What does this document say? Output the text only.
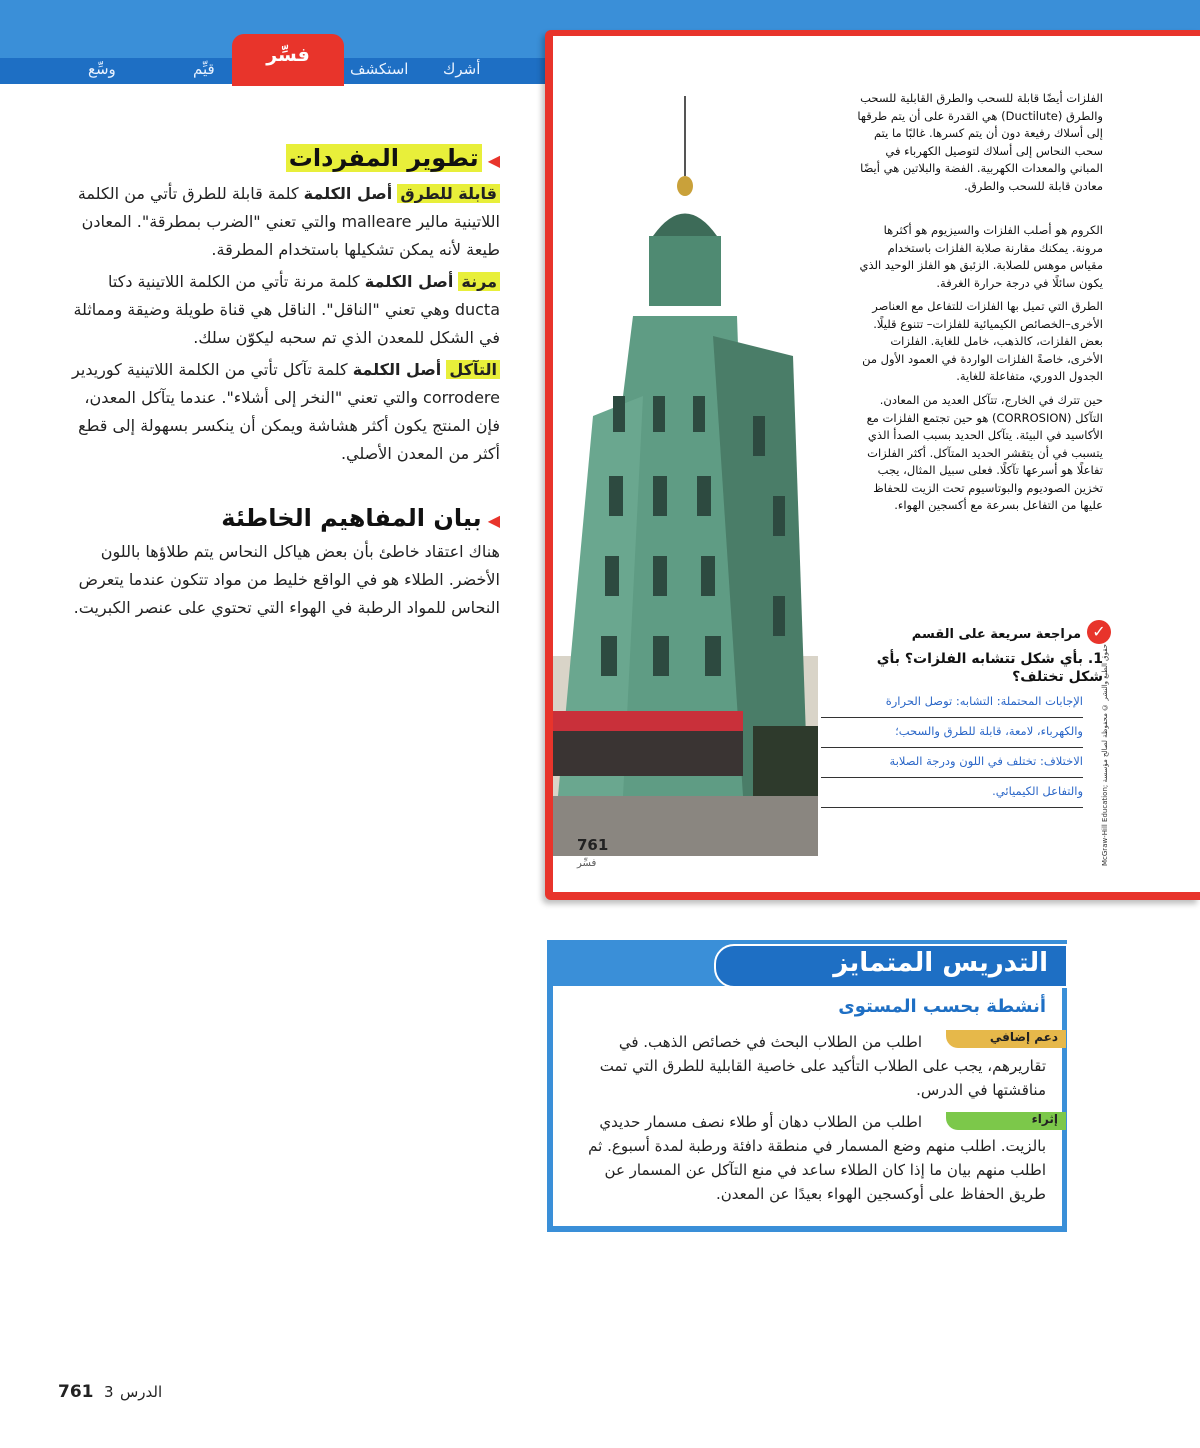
أشرك
استكشف
قيِّم
وسِّع
فسِّر
الفلزات أيضًا قابلة للسحب والطرق القابلية للسحب والطرق (Ductilute) هي القدرة على أن يتم طرقها إلى أسلاك رفيعة دون أن يتم كسرها. غالبًا ما يتم سحب النحاس إلى أسلاك لتوصيل الكهرباء في المباني والمعدات الكهربية. الفضة والبلاتين هي أيضًا معادن قابلة للسحب والطرق.
الكروم هو أصلب الفلزات والسيزيوم هو أكثرها مرونة. يمكنك مقارنة صلابة الفلزات باستخدام مقياس موهس للصلابة. الزئبق هو الفلز الوحيد الذي يكون سائلًا في درجة حرارة الغرفة.
الطرق التي تميل بها الفلزات للتفاعل مع العناصر الأخرى–الخصائص الكيميائية للفلزات– تتنوع قليلًا. بعض الفلزات، كالذهب، خامل للغاية. الفلزات الأخرى، خاصةً الفلزات الواردة في العمود الأول من الجدول الدوري، متفاعلة للغاية.
حين تترك في الخارج، تتآكل العديد من المعادن. التآكل (CORROSION) هو حين تجتمع الفلزات مع الأكاسيد في البيئة. يتآكل الحديد بسبب الصدأ الذي يتسبب في أن يتقشر الحديد المتآكل. أكثر الفلزات تفاعلًا هو أسرعها تآكلًا. فعلى سبيل المثال، يجب تخزين الصوديوم والبوتاسيوم تحت الزيت للحفاظ عليها من التفاعل بسرعة مع أكسجين الهواء.
✓
مراجعة سريعة على القسم
1. بأي شكل تتشابه الفلزات؟ بأي شكل تختلف؟
الإجابات المحتملة: التشابه: توصل الحرارة
والكهرباء، لامعة، قابلة للطرق والسحب؛
الاختلاف: تختلف في اللون ودرجة الصلابة
والتفاعل الكيميائي.
761
فسِّر	McGraw-Hill Education; حقوق الطبع والنشر © محفوظة لصالح مؤسسة
◀تطوير المفردات
قابلة للطرق أصل الكلمة كلمة قابلة للطرق تأتي من الكلمة اللاتينية مالير malleare والتي تعني "الضرب بمطرقة". المعادن طيعة لأنه يمكن تشكيلها باستخدام المطرقة.
مرنة أصل الكلمة كلمة مرنة تأتي من الكلمة اللاتينية دكتا ducta وهي تعني "الناقل". الناقل هي قناة طويلة وضيقة ومماثلة في الشكل للمعدن الذي تم سحبه ليكوّن سلك.
التآكل أصل الكلمة كلمة تآكل تأتي من الكلمة اللاتينية كوريدير corrodere والتي تعني "النخر إلى أشلاء". عندما يتآكل المعدن، فإن المنتج يكون أكثر هشاشة ويمكن أن ينكسر بسهولة إلى قطع أكثر من المعدن الأصلي.
◀بيان المفاهيم الخاطئة
هناك اعتقاد خاطئ بأن بعض هياكل النحاس يتم طلاؤها باللون الأخضر. الطلاء هو في الواقع خليط من مواد تتكون عندما يتعرض النحاس للمواد الرطبة في الهواء التي تحتوي على عنصر الكبريت.
التدريس المتمايز
أنشطة بحسب المستوى
دعم إضافي
اطلب من الطلاب البحث في خصائص الذهب. في تقاريرهم، يجب على الطلاب التأكيد على خاصية القابلية للطرق التي تمت مناقشتها في الدرس.
إثراء
اطلب من الطلاب دهان أو طلاء نصف مسمار حديدي بالزيت. اطلب منهم وضع المسمار في منطقة دافئة ورطبة لمدة أسبوع. ثم اطلب منهم بيان ما إذا كان الطلاء ساعد في منع التآكل عن المسمار عن طريق الحفاظ على أوكسجين الهواء بعيدًا عن المعدن.
761 3 الدرس
